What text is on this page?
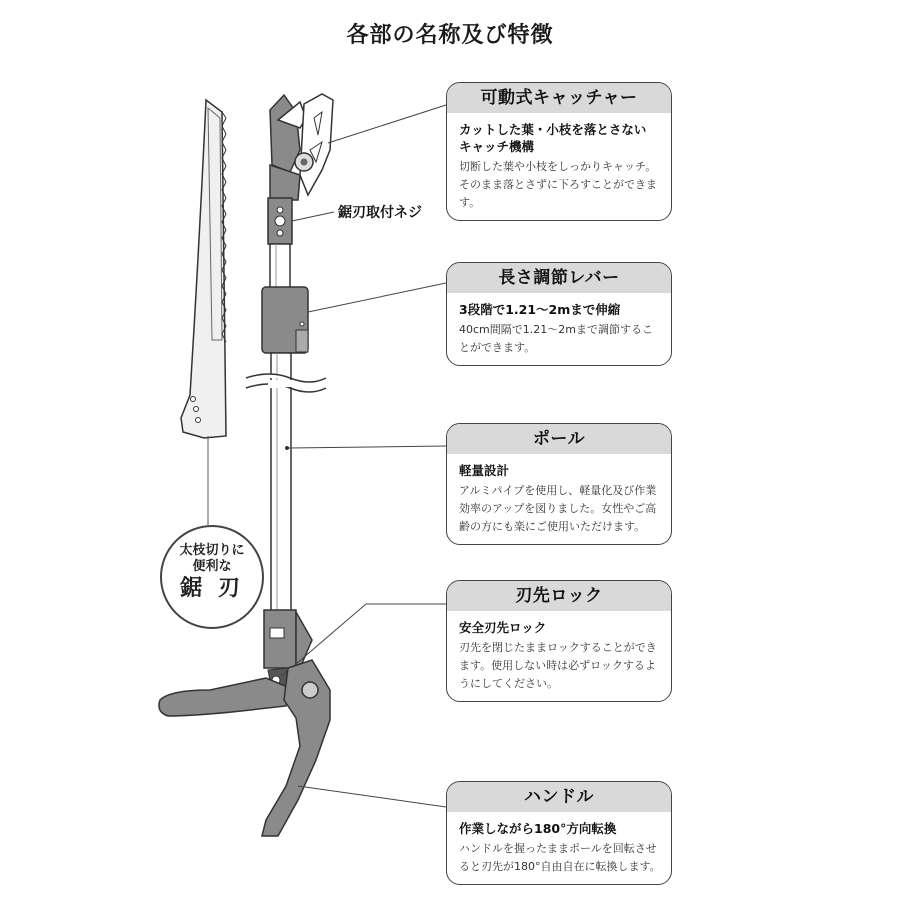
各部の名称及び特徴
鋸刃取付ネジ
太枝切りに
便利な
鋸 刃
可動式キャッチャー
カットした葉・小枝を落とさない
キャッチ機構
切断した葉や小枝をしっかりキャッチ。
そのまま落とさずに下ろすことができま
す。
長さ調節レバー
3段階で1.21～2mまで伸縮
40cm間隔で1.21～2mまで調節するこ
とができます。
ポール
軽量設計
アルミパイプを使用し、軽量化及び作業
効率のアップを図りました。女性やご高
齢の方にも楽にご使用いただけます。
刃先ロック
安全刃先ロック
刃先を閉じたままロックすることができ
ます。使用しない時は必ずロックするよ
うにしてください。
ハンドル
作業しながら180°方向転換
ハンドルを握ったままポールを回転させ
ると刃先が180°自由自在に転換します。
